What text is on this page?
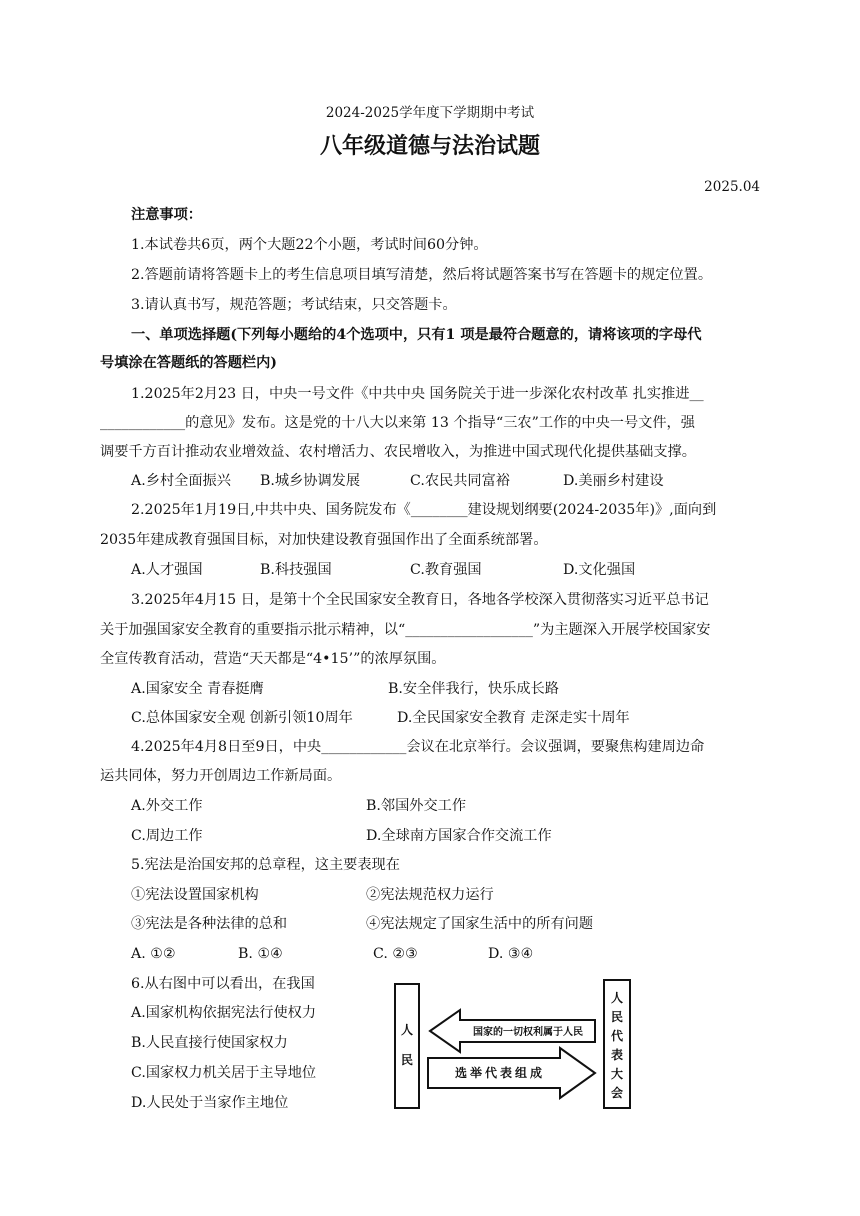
2024-2025学年度下学期期中考试
八年级道德与法治试题
2025.04
注意事项：
1.本试卷共6页，两个大题22个小题，考试时间60分钟。
2.答题前请将答题卡上的考生信息项目填写清楚，然后将试题答案书写在答题卡的规定位置。
3.请认真书写，规范答题；考试结束，只交答题卡。
一、单项选择题(下列每小题给的4个选项中，只有1 项是最符合题意的，请将该项的字母代
号填涂在答题纸的答题栏内)
1.2025年2月23 日，中央一号文件《中共中央 国务院关于进一步深化农村改革 扎实推进__
____________的意见》发布。这是党的十八大以来第 13 个指导“三农”工作的中央一号文件，强
调要千方百计推动农业增效益、农村增活力、农民增收入，为推进中国式现代化提供基础支撑。
A.乡村全面振兴 B.城乡协调发展	C.农民共同富裕	D.美丽乡村建设
2.2025年1月19日,中共中央、国务院发布《________建设规划纲要(2024-2035年)》,面向到
2035年建成教育强国目标，对加快建设教育强国作出了全面系统部署。
A.人才强国	B.科技强国	C.教育强国	D.文化强国
3.2025年4月15 日，是第十个全民国家安全教育日，各地各学校深入贯彻落实习近平总书记
关于加强国家安全教育的重要指示批示精神，以“__________________”为主题深入开展学校国家安
全宣传教育活动，营造“天天都是“4•15’”的浓厚氛围。
A.国家安全 青春挺膺	B.安全伴我行，快乐成长路
C.总体国家安全观 创新引领10周年	D.全民国家安全教育 走深走实十周年
4.2025年4月8日至9日，中央____________会议在北京举行。会议强调，要聚焦构建周边命
运共同体，努力开创周边工作新局面。
A.外交工作	B.邻国外交工作
C.周边工作	D.全球南方国家合作交流工作
5.宪法是治国安邦的总章程，这主要表现在
①宪法设置国家机构	②宪法规范权力运行
③宪法是各种法律的总和	④宪法规定了国家生活中的所有问题
A. ①②	B. ①④	C. ②③	D. ③④
6.从右图中可以看出，在我国
A.国家机构依据宪法行使权力
B.人民直接行使国家权力
C.国家权力机关居于主导地位
D.人民处于当家作主地位
人
民
人
民
代
表
大
会
国家的一切权利属于人民
选举代表组成
